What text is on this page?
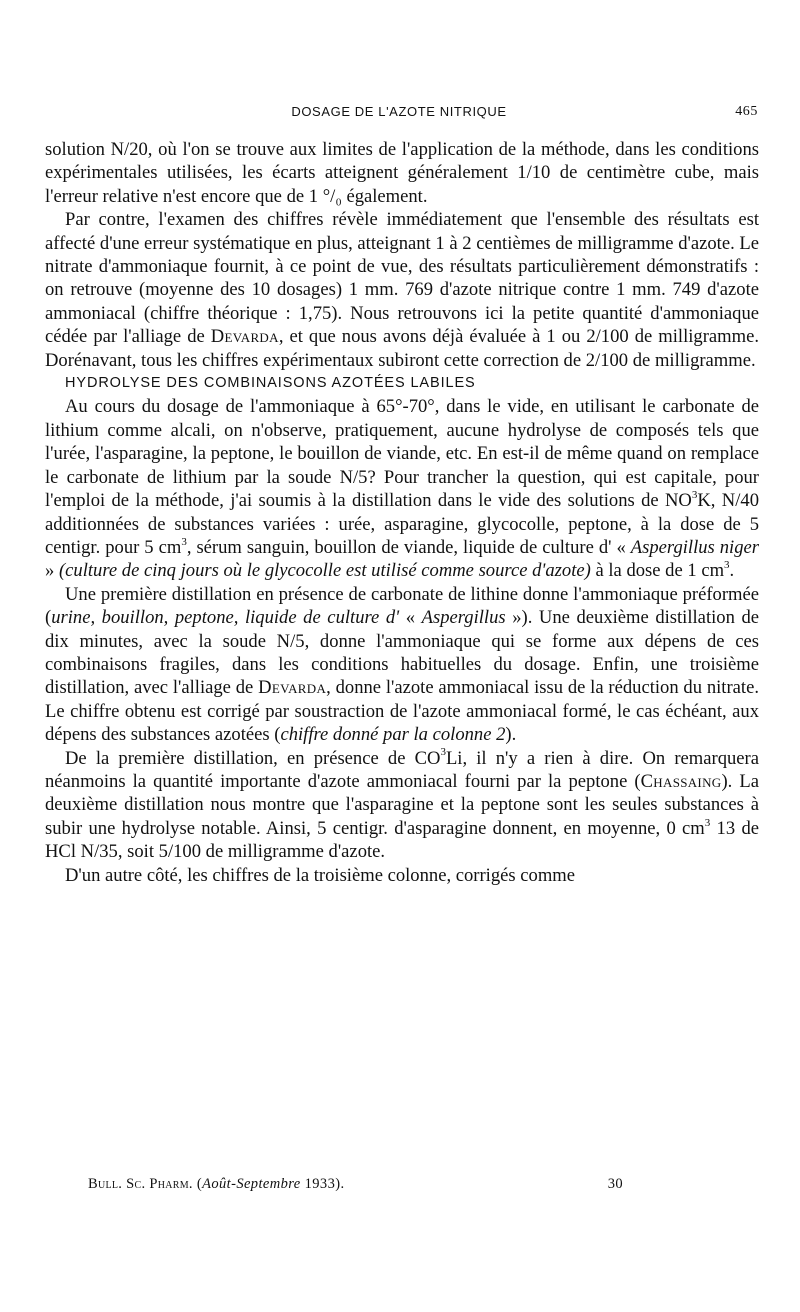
DOSAGE DE L'AZOTE NITRIQUE	465

solution N/20, où l'on se trouve aux limites de l'application de la méthode, dans les conditions expérimentales utilisées, les écarts atteignent généralement 1/10 de centimètre cube, mais l'erreur relative n'est encore que de 1 °/₀ également.

Par contre, l'examen des chiffres révèle immédiatement que l'ensemble des résultats est affecté d'une erreur systématique en plus, atteignant 1 à 2 centièmes de milligramme d'azote. Le nitrate d'ammoniaque fournit, à ce point de vue, des résultats particulièrement démonstratifs : on retrouve (moyenne des 10 dosages) 1 mm. 769 d'azote nitrique contre 1 mm. 749 d'azote ammoniacal (chiffre théorique : 1,75). Nous retrouvons ici la petite quantité d'ammoniaque cédée par l'alliage de Devarda, et que nous avons déjà évaluée à 1 ou 2/100 de milligramme. Dorénavant, tous les chiffres expérimentaux subiront cette correction de 2/100 de milligramme.

HYDROLYSE DES COMBINAISONS AZOTÉES LABILES

Au cours du dosage de l'ammoniaque à 65°-70°, dans le vide, en utilisant le carbonate de lithium comme alcali, on n'observe, pratiquement, aucune hydrolyse de composés tels que l'urée, l'asparagine, la peptone, le bouillon de viande, etc. En est-il de même quand on remplace le carbonate de lithium par la soude N/5? Pour trancher la question, qui est capitale, pour l'emploi de la méthode, j'ai soumis à la distillation dans le vide des solutions de $NO^3K$, N/40 additionnées de substances variées : urée, asparagine, glycocolle, peptone, à la dose de 5 centigr. pour 5 $cm^3$, sérum sanguin, bouillon de viande, liquide de culture d' « Aspergillus niger » (culture de cinq jours où le glycocolle est utilisé comme source d'azote) à la dose de 1 $cm^3$.

Une première distillation en présence de carbonate de lithine donne l'ammoniaque préformée (urine, bouillon, peptone, liquide de culture d' « Aspergillus »). Une deuxième distillation de dix minutes, avec la soude N/5, donne l'ammoniaque qui se forme aux dépens de ces combinaisons fragiles, dans les conditions habituelles du dosage. Enfin, une troisième distillation, avec l'alliage de Devarda, donne l'azote ammoniacal issu de la réduction du nitrate. Le chiffre obtenu est corrigé par soustraction de l'azote ammoniacal formé, le cas échéant, aux dépens des substances azotées (chiffre donné par la colonne 2).

De la première distillation, en présence de $CO^3Li$, il n'y a rien à dire. On remarquera néanmoins la quantité importante d'azote ammoniacal fourni par la peptone (Chassaing). La deuxième distillation nous montre que l'asparagine et la peptone sont les seules substances à subir une hydrolyse notable. Ainsi, 5 centigr. d'asparagine donnent, en moyenne, 0 $cm^3$ 13 de HCl N/35, soit 5/100 de milligramme d'azote.

D'un autre côté, les chiffres de la troisième colonne, corrigés comme

Bull. Sc. Pharm. (Août-Septembre 1933).	30
